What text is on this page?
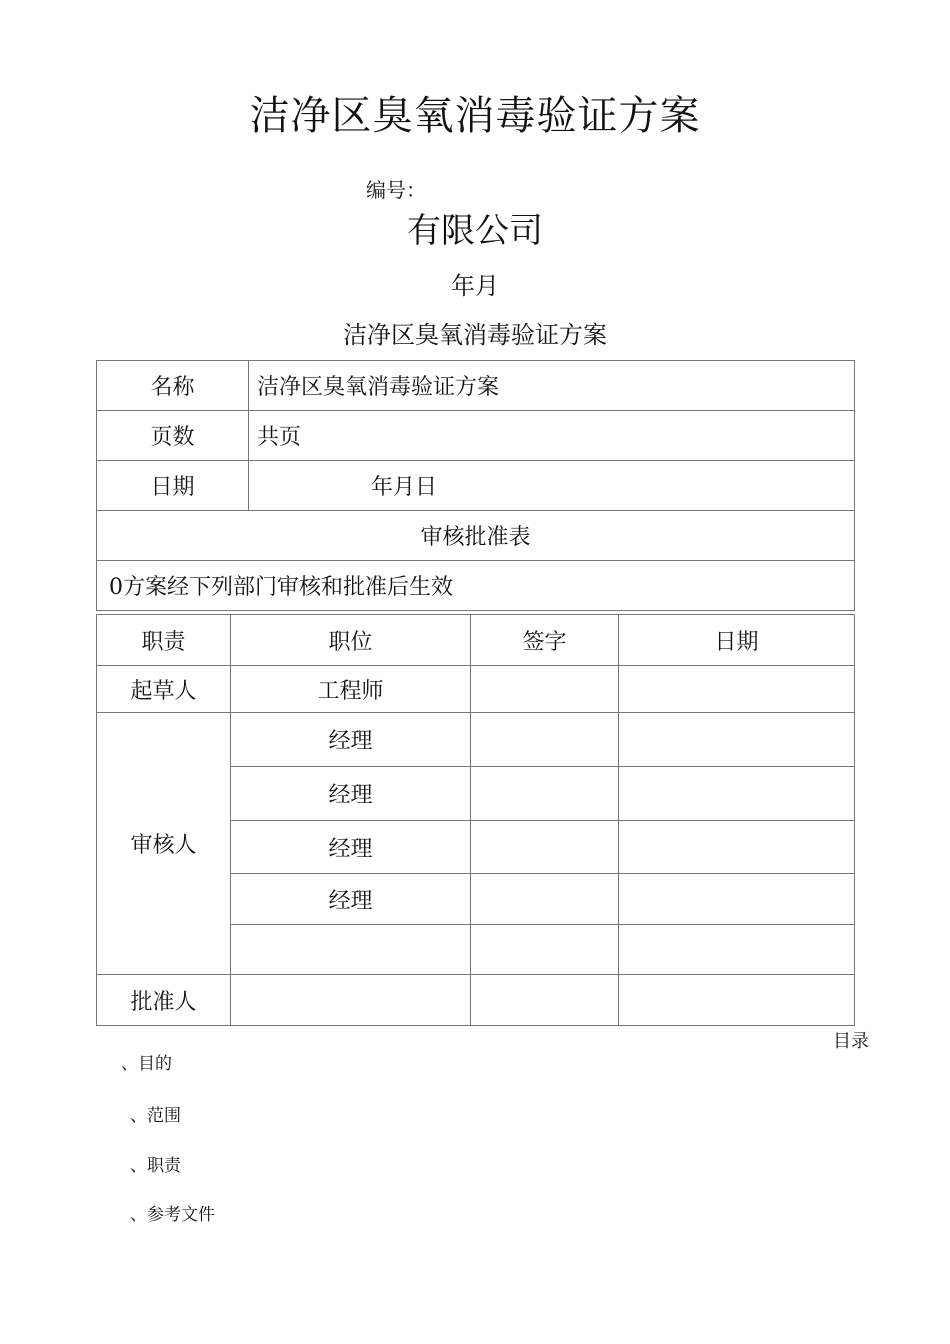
洁净区臭氧消毒验证方案
编号：
有限公司
年月
洁净区臭氧消毒验证方案
名称	洁净区臭氧消毒验证方案
页数	共页
日期	年月日
审核批准表	
0方案经下列部门审核和批准后生效	
职责	职位	签字	日期
起草人	工程师		
审核人	经理		
	经理		
	经理		
	经理		

批准人			
目录
、目的
、范围
、职责
、参考文件
